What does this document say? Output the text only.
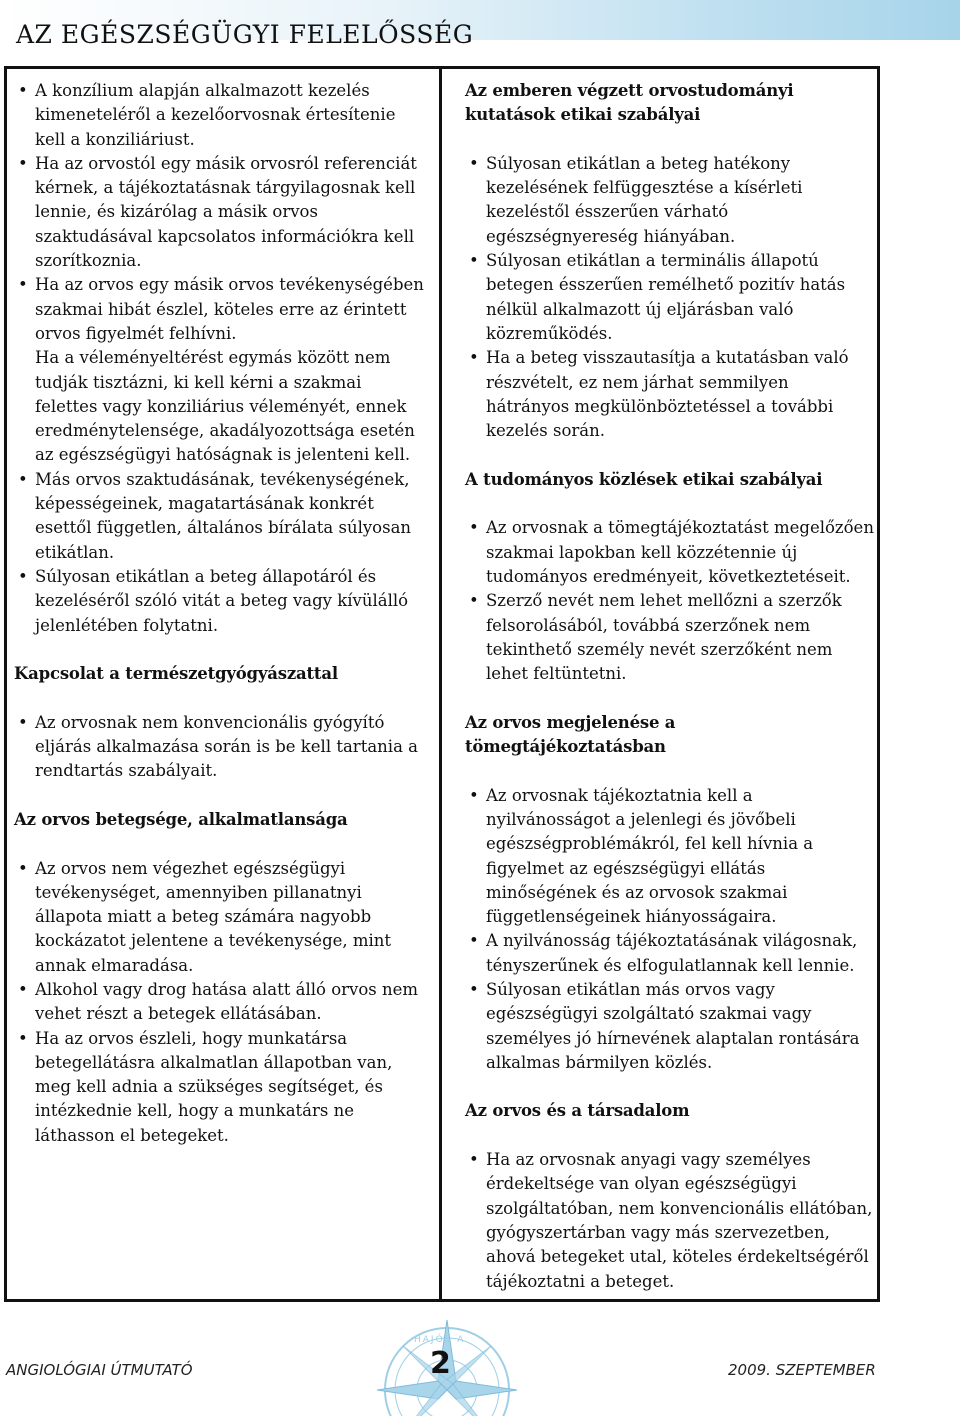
AZ EGÉSZSÉGÜGYI FELELŐSSÉG
• A konzílium alapján alkalmazott kezelés kimeneteléről a kezelőorvosnak értesítenie kell a konziliáriust.
• Ha az orvostól egy másik orvosról referenciát kérnek, a tájékoztatásnak tárgyilagosnak kell lennie, és kizárólag a másik orvos szaktudásával kapcsolatos információkra kell szorítkoznia.
• Ha az orvos egy másik orvos tevékenységében szakmai hibát észlel, köteles erre az érintett orvos figyelmét felhívni.

Ha a véleményeltérést egymás között nem tudják tisztázni, ki kell kérni a szakmai felettes vagy konziliárius véleményét, ennek eredménytelensége, akadályozottsága esetén az egészségügyi hatóságnak is jelenteni kell.

• Más orvos szaktudásának, tevékenységének, képességeinek, magatartásának konkrét esettől független, általános bírálata súlyosan etikátlan.
• Súlyosan etikátlan a beteg állapotáról és kezeléséről szóló vitát a beteg vagy kívülálló jelenlétében folytatni.
Kapcsolat a természetgyógyászattal
• Az orvosnak nem konvencionális gyógyító eljárás alkalmazása során is be kell tartania a rendtartás szabályait.
Az orvos betegsége, alkalmatlansága
• Az orvos nem végezhet egészségügyi tevékenységet, amennyiben pillanatnyi állapota miatt a beteg számára nagyobb kockázatot jelentene a tevékenysége, mint annak elmaradása.
• Alkohol vagy drog hatása alatt álló orvos nem vehet részt a betegek ellátásában.
• Ha az orvos észleli, hogy munkatársa betegellátásra alkalmatlan állapotban van, meg kell adnia a szükséges segítséget, és intézkednie kell, hogy a munkatárs ne láthasson el betegeket.
Az emberen végzett orvostudományi kutatások etikai szabályai
• Súlyosan etikátlan a beteg hatékony kezelésének felfüggesztése a kísérleti kezeléstől ésszerűen várható egészségnyereség hiányában.
• Súlyosan etikátlan a terminális állapotú betegen ésszerűen remélhető pozitív hatás nélkül alkalmazott új eljárásban való közreműködés.
• Ha a beteg visszautasítja a kutatásban való részvételt, ez nem járhat semmilyen hátrányos megkülönböztetéssel a további kezelés során.
A tudományos közlések etikai szabályai
• Az orvosnak a tömegtájékoztatást megelőzően szakmai lapokban kell közzétennie új tudományos eredményeit, következtetéseit.
• Szerző nevét nem lehet mellőzni a szerzők felsorolásából, továbbá szerzőnek nem tekinthető személy nevét szerzőként nem lehet feltüntetni.
Az orvos megjelenése a tömegtájékoztatásban
• Az orvosnak tájékoztatnia kell a nyilvánosságot a jelenlegi és jövőbeli egészségproblémákról, fel kell hívnia a figyelmet az egészségügyi ellátás minőségének és az orvosok szakmai függetlenségeinek hiányosságaira.
• A nyilvánosság tájékoztatásának világosnak, tényszerűnek és elfogulatlannak kell lennie.
• Súlyosan etikátlan más orvos vagy egészségügyi szolgáltató szakmai vagy személyes jó hírnevének alaptalan rontására alkalmas bármilyen közlés.
Az orvos és a társadalom
• Ha az orvosnak anyagi vagy személyes érdekeltsége van olyan egészségügyi szolgáltatóban, nem konvencionális ellátóban, gyógyszertárban vagy más szervezetben, ahová betegeket utal, köteles érdekeltségéről tájékoztatni a beteget.
HAJÓS A
2
ANGIOLÓGIAI ÚTMUTATÓ	2009. SZEPTEMBER
